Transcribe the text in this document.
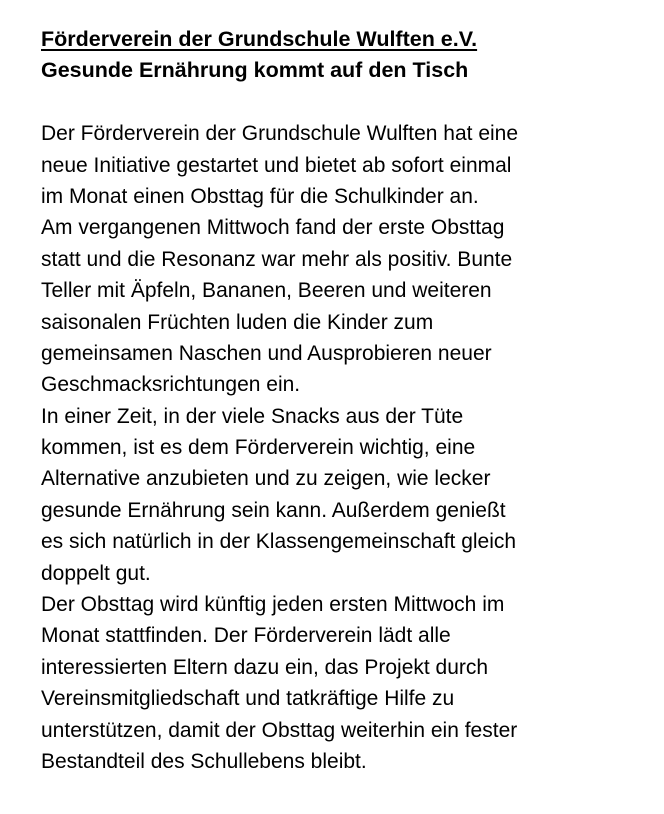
Förderverein der Grundschule Wulften e.V.
Gesunde Ernährung kommt auf den Tisch
Der Förderverein der Grundschule Wulften hat eine
neue Initiative gestartet und bietet ab sofort einmal
im Monat einen Obsttag für die Schulkinder an.
Am vergangenen Mittwoch fand der erste Obsttag
statt und die Resonanz war mehr als positiv. Bunte
Teller mit Äpfeln, Bananen, Beeren und weiteren
saisonalen Früchten luden die Kinder zum
gemeinsamen Naschen und Ausprobieren neuer
Geschmacksrichtungen ein.
In einer Zeit, in der viele Snacks aus der Tüte
kommen, ist es dem Förderverein wichtig, eine
Alternative anzubieten und zu zeigen, wie lecker
gesunde Ernährung sein kann. Außerdem genießt
es sich natürlich in der Klassengemeinschaft gleich
doppelt gut.
Der Obsttag wird künftig jeden ersten Mittwoch im
Monat stattfinden. Der Förderverein lädt alle
interessierten Eltern dazu ein, das Projekt durch
Vereinsmitgliedschaft und tatkräftige Hilfe zu
unterstützen, damit der Obsttag weiterhin ein fester
Bestandteil des Schullebens bleibt.
